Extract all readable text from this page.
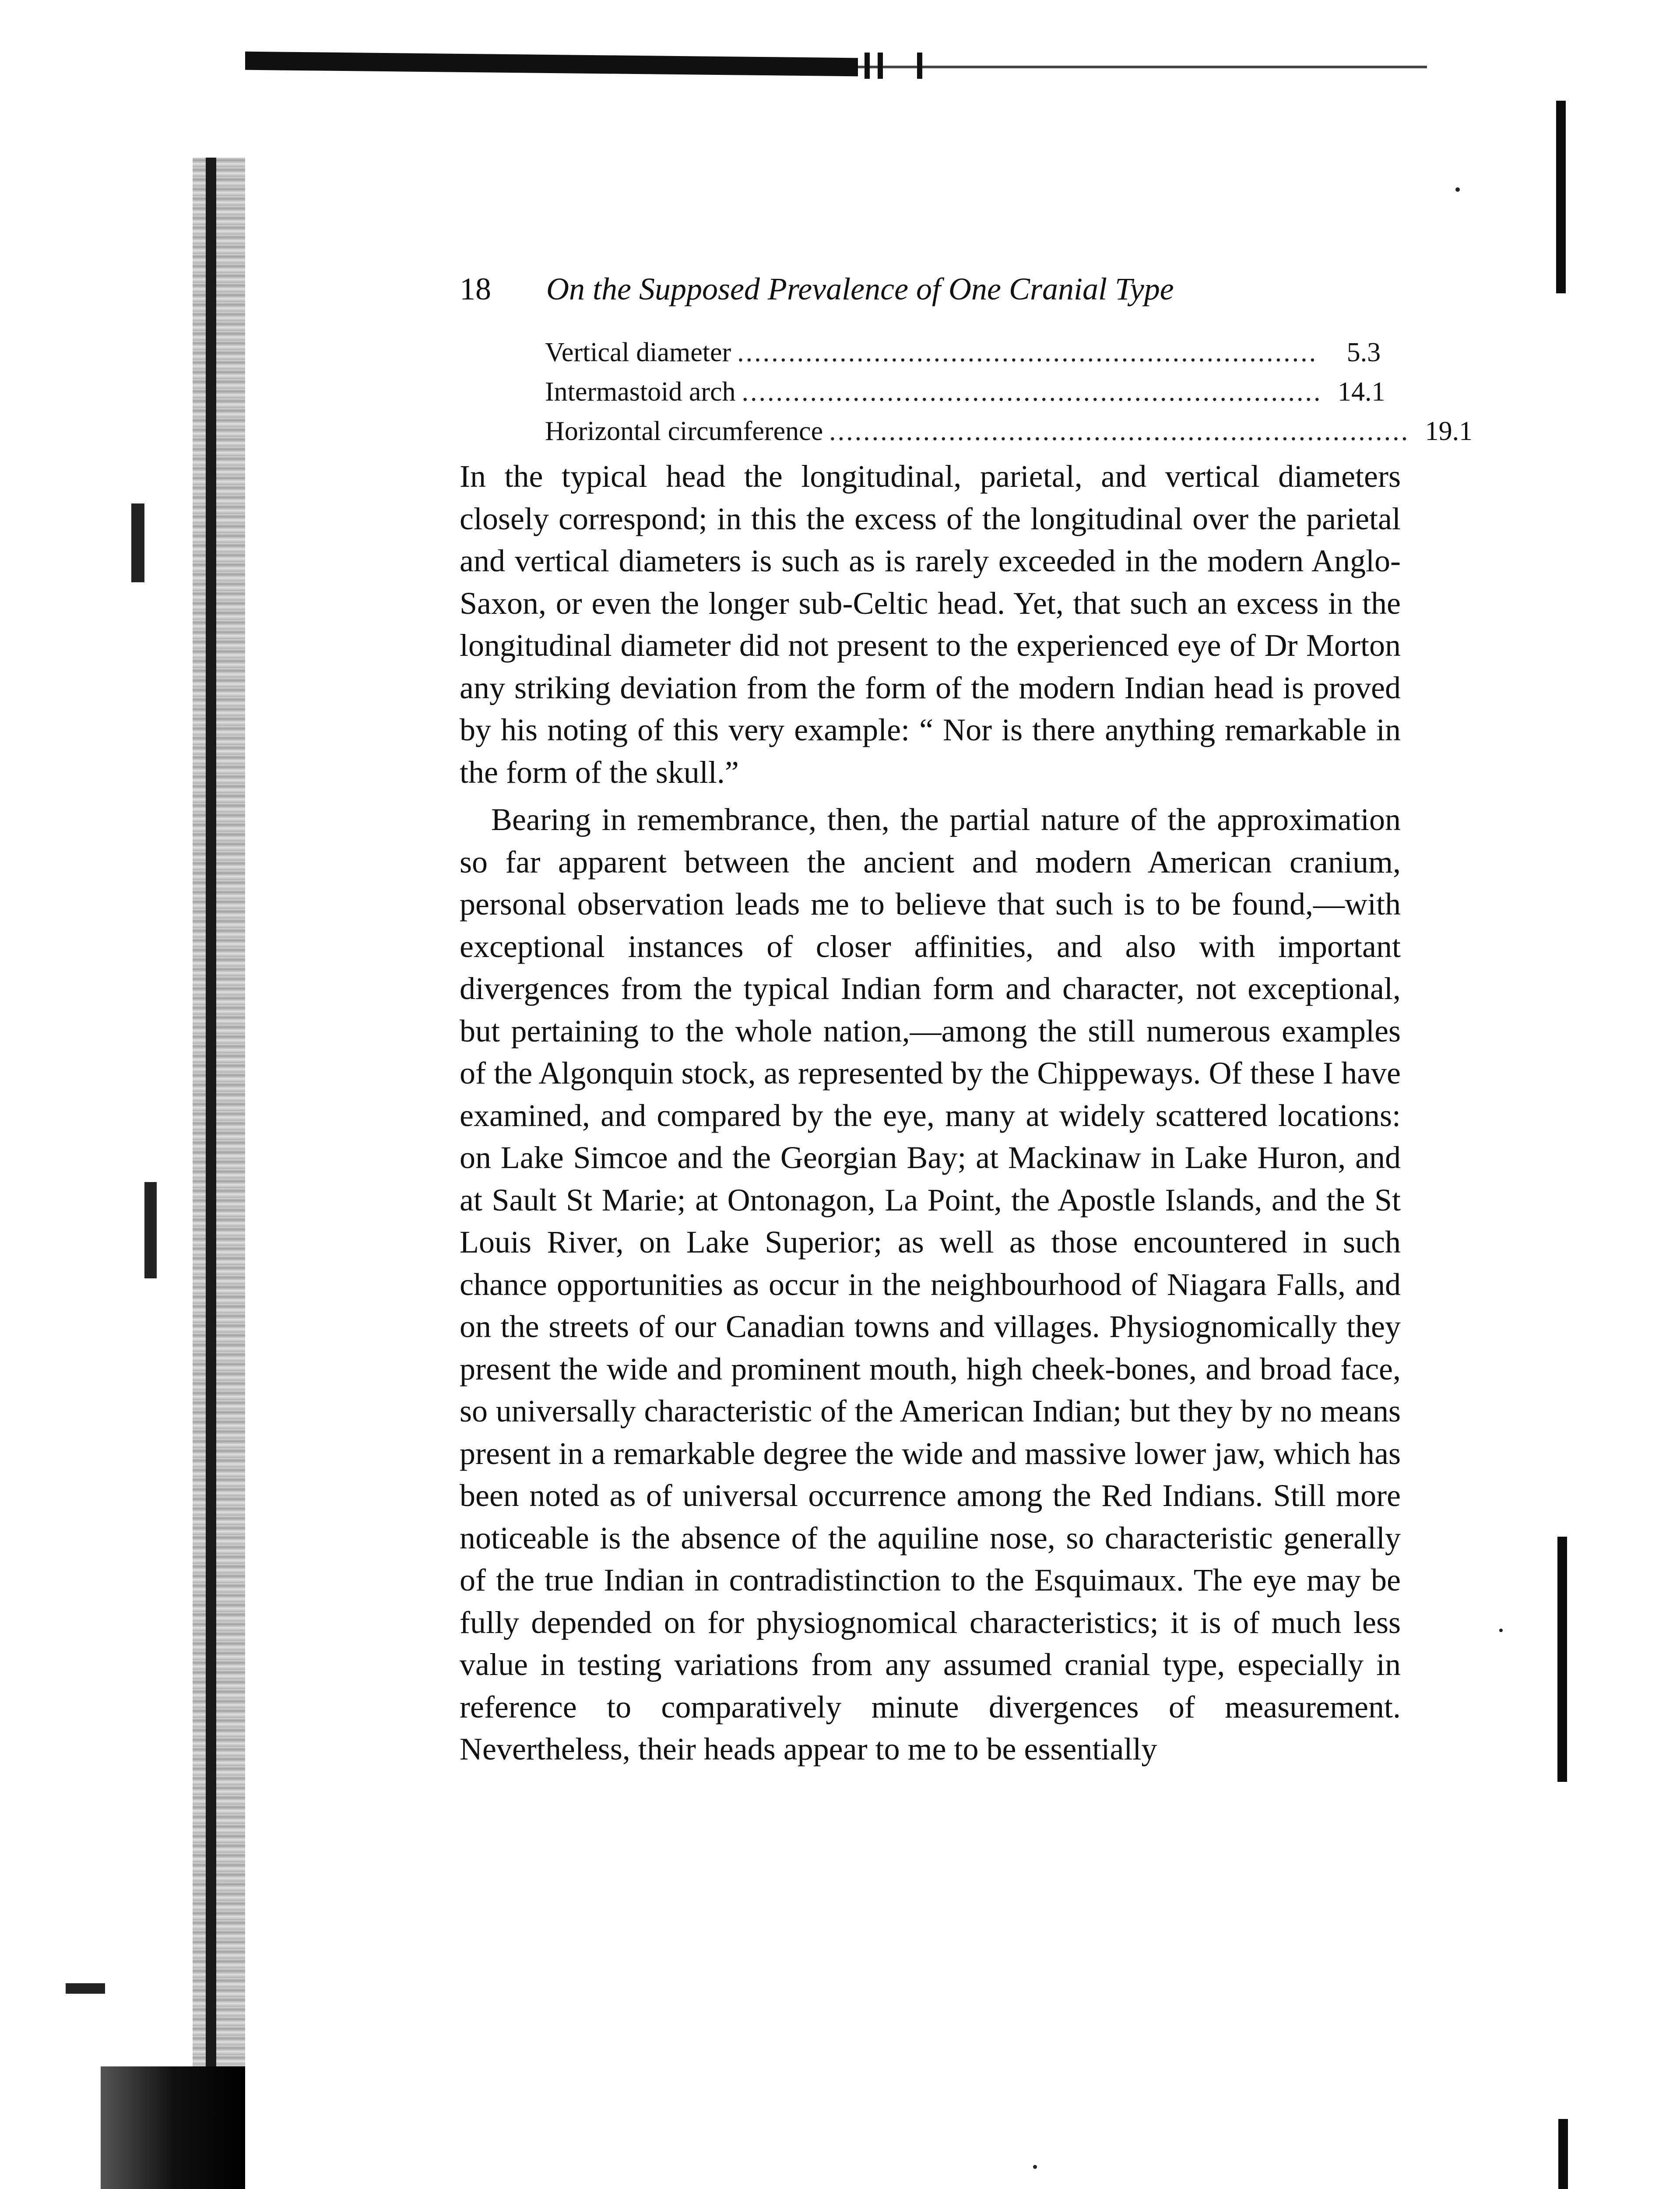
18 On the Supposed Prevalence of One Cranial Type
Vertical diameter ....................................................................	5.3
Intermastoid arch .................................................................... 14.1
Horizontal circumference .................................................................... 19.1

In the typical head the longitudinal, parietal, and vertical diameters closely correspond; in this the excess of the longitudinal over the parietal and vertical diameters is such as is rarely exceeded in the modern Anglo-Saxon, or even the longer sub-Celtic head. Yet, that such an excess in the longitudinal diameter did not present to the experienced eye of Dr Morton any striking deviation from the form of the modern Indian head is proved by his noting of this very example: “ Nor is there anything remarkable in the form of the skull.”

Bearing in remembrance, then, the partial nature of the approximation so far apparent between the ancient and modern American cranium, personal observation leads me to believe that such is to be found,—with exceptional instances of closer affinities, and also with important divergences from the typical Indian form and character, not exceptional, but pertaining to the whole nation,—among the still numerous examples of the Algonquin stock, as represented by the Chippeways. Of these I have examined, and compared by the eye, many at widely scattered locations: on Lake Simcoe and the Georgian Bay; at Mackinaw in Lake Huron, and at Sault St Marie; at Ontonagon, La Point, the Apostle Islands, and the St Louis River, on Lake Superior; as well as those encountered in such chance opportunities as occur in the neighbourhood of Niagara Falls, and on the streets of our Canadian towns and villages. Physiognomically they present the wide and prominent mouth, high cheek-bones, and broad face, so universally characteristic of the American Indian; but they by no means present in a remarkable degree the wide and massive lower jaw, which has been noted as of universal occurrence among the Red Indians. Still more noticeable is the absence of the aquiline nose, so characteristic generally of the true Indian in contradistinction to the Esquimaux. The eye may be fully depended on for physiognomical characteristics; it is of much less value in testing variations from any assumed cranial type, especially in reference to comparatively minute divergences of measurement. Nevertheless, their heads appear to me to be essentially
